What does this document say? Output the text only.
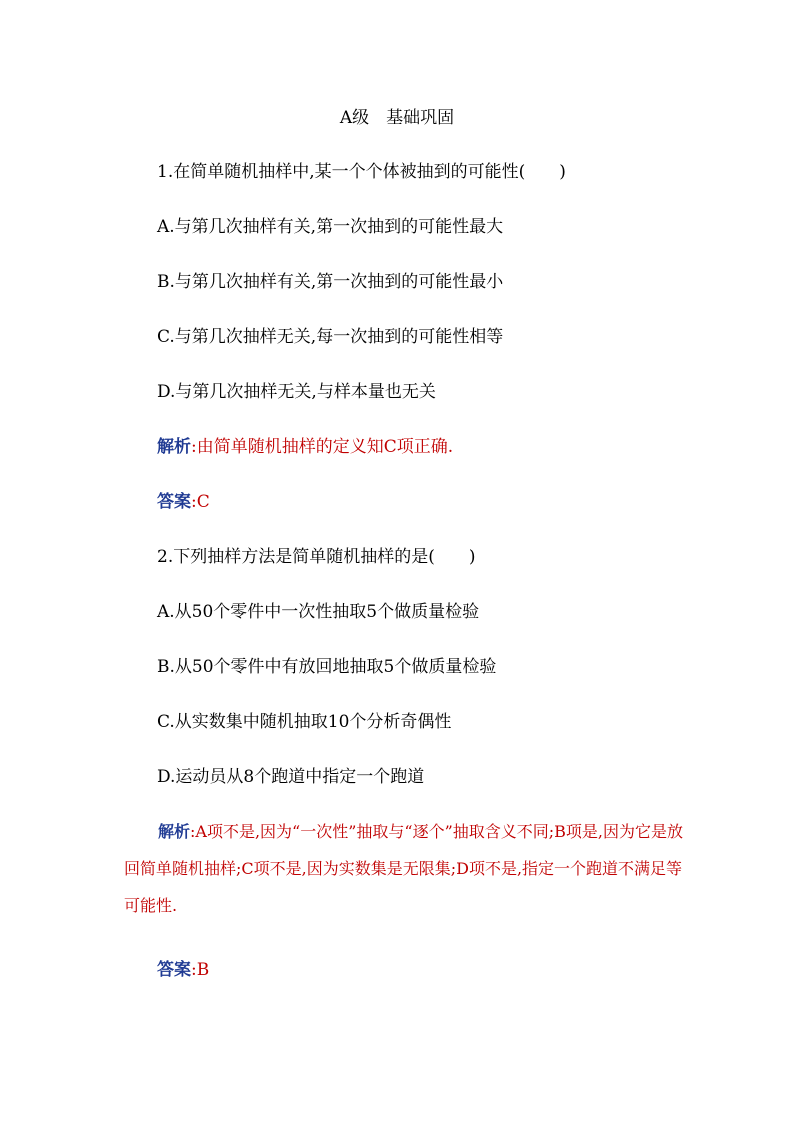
A级　基础巩固
1.在简单随机抽样中,某一个个体被抽到的可能性(　　)
A.与第几次抽样有关,第一次抽到的可能性最大
B.与第几次抽样有关,第一次抽到的可能性最小
C.与第几次抽样无关,每一次抽到的可能性相等
D.与第几次抽样无关,与样本量也无关
解析:由简单随机抽样的定义知C项正确.
答案:C
2.下列抽样方法是简单随机抽样的是(　　)
A.从50个零件中一次性抽取5个做质量检验
B.从50个零件中有放回地抽取5个做质量检验
C.从实数集中随机抽取10个分析奇偶性
D.运动员从8个跑道中指定一个跑道
解析:A项不是,因为“一次性”抽取与“逐个”抽取含义不同;B项是,因为它是放回简单随机抽样;C项不是,因为实数集是无限集;D项不是,指定一个跑道不满足等可能性.
答案:B
